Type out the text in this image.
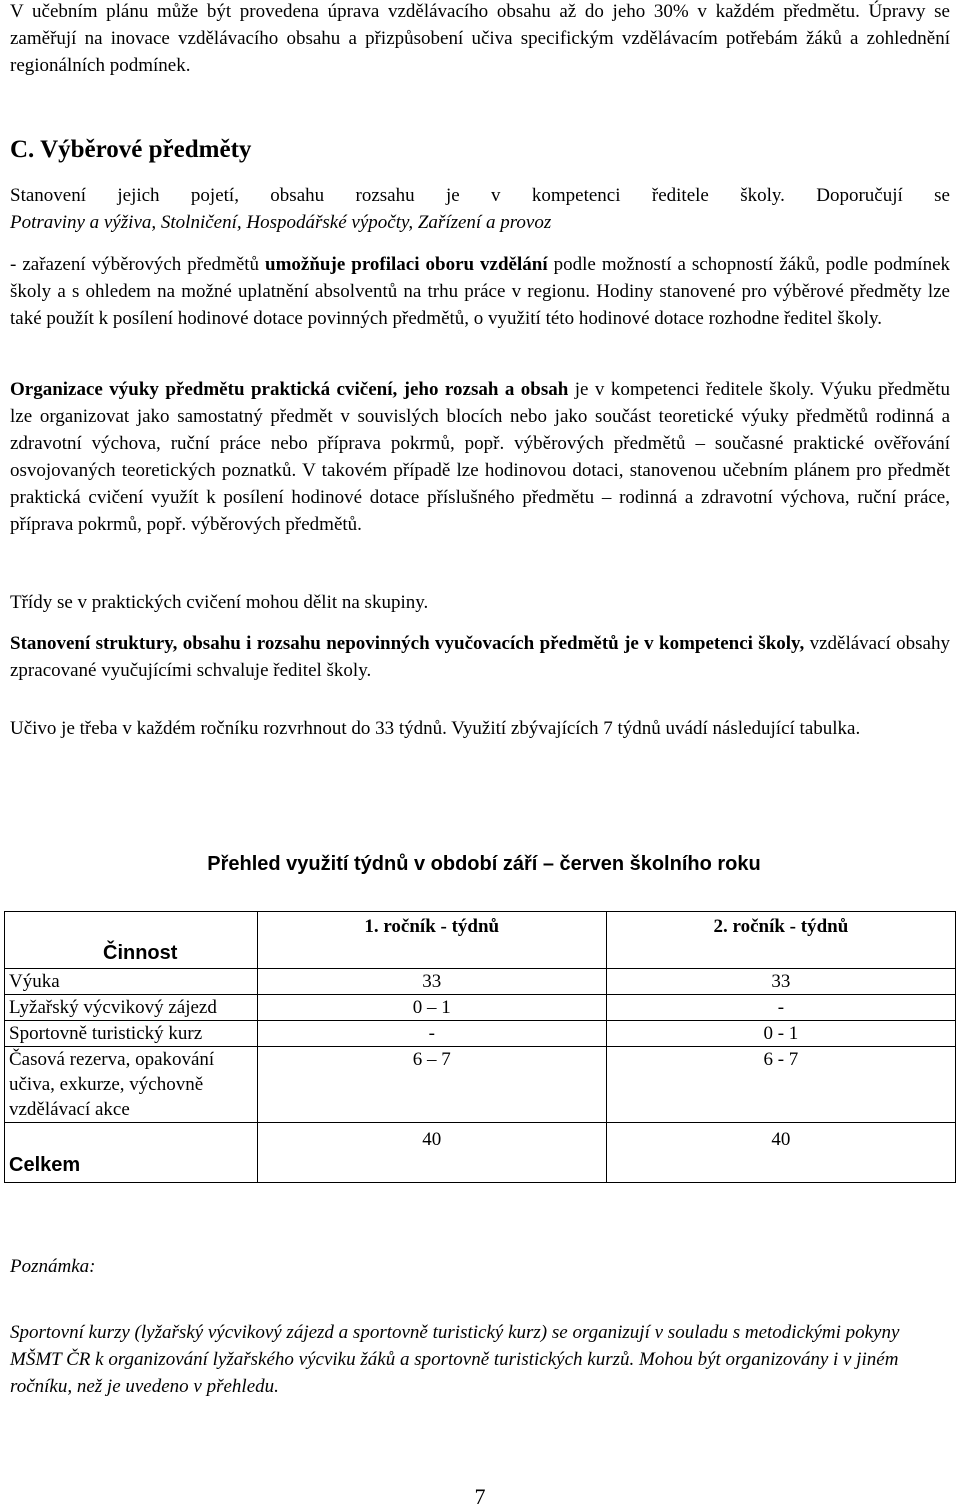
V učebním plánu může být provedena úprava vzdělávacího obsahu až do jeho 30% v každém předmětu. Úpravy se zaměřují na inovace vzdělávacího obsahu a přizpůsobení učiva specifickým vzdělávacím potřebám žáků a zohlednění regionálních podmínek.

C. Výběrové předměty

Stanovení jejich pojetí, obsahu rozsahu je v kompetenci ředitele školy. Doporučují se

Potraviny a výživa, Stolničení, Hospodářské výpočty, Zařízení a provoz

- zařazení výběrových předmětů umožňuje profilaci oboru vzdělání podle možností a schopností žáků, podle podmínek školy a s ohledem na možné uplatnění absolventů na trhu práce v regionu. Hodiny stanovené pro výběrové předměty lze také použít k posílení hodinové dotace povinných předmětů, o využití této hodinové dotace rozhodne ředitel školy.

Organizace výuky předmětu praktická cvičení, jeho rozsah a obsah je v kompetenci ředitele školy. Výuku předmětu lze organizovat jako samostatný předmět v souvislých blocích nebo jako součást teoretické výuky předmětů rodinná a zdravotní výchova, ruční práce nebo příprava pokrmů, popř. výběrových předmětů – současné praktické ověřování osvojovaných teoretických poznatků. V takovém případě lze hodinovou dotaci, stanovenou učebním plánem pro předmět praktická cvičení využít k posílení hodinové dotace příslušného předmětu – rodinná a zdravotní výchova, ruční práce, příprava pokrmů, popř. výběrových předmětů.

Třídy se v praktických cvičení mohou dělit na skupiny.

Stanovení struktury, obsahu i rozsahu nepovinných vyučovacích předmětů je v kompetenci školy, vzdělávací obsahy zpracované vyučujícími schvaluje ředitel školy.

Učivo je třeba v každém ročníku rozvrhnout do 33 týdnů. Využití zbývajících 7 týdnů uvádí následující tabulka.

Přehled využití týdnů v období září – červen školního roku
Činnost	1. ročník - týdnů	2. ročník - týdnů
Výuka	33	33
Lyžařský výcvikový zájezd	0 – 1	-
Sportovně turistický kurz	-	0 - 1
Časová rezerva, opakování učiva, exkurze, výchovně vzdělávací akce	6 – 7	6 - 7
Celkem	40	40
Poznámka:

Sportovní kurzy (lyžařský výcvikový zájezd a sportovně turistický kurz) se organizují v souladu s metodickými pokyny MŠMT ČR k organizování lyžařského výcviku žáků a sportovně turistických kurzů. Mohou být organizovány i v jiném ročníku, než je uvedeno v přehledu.

7
